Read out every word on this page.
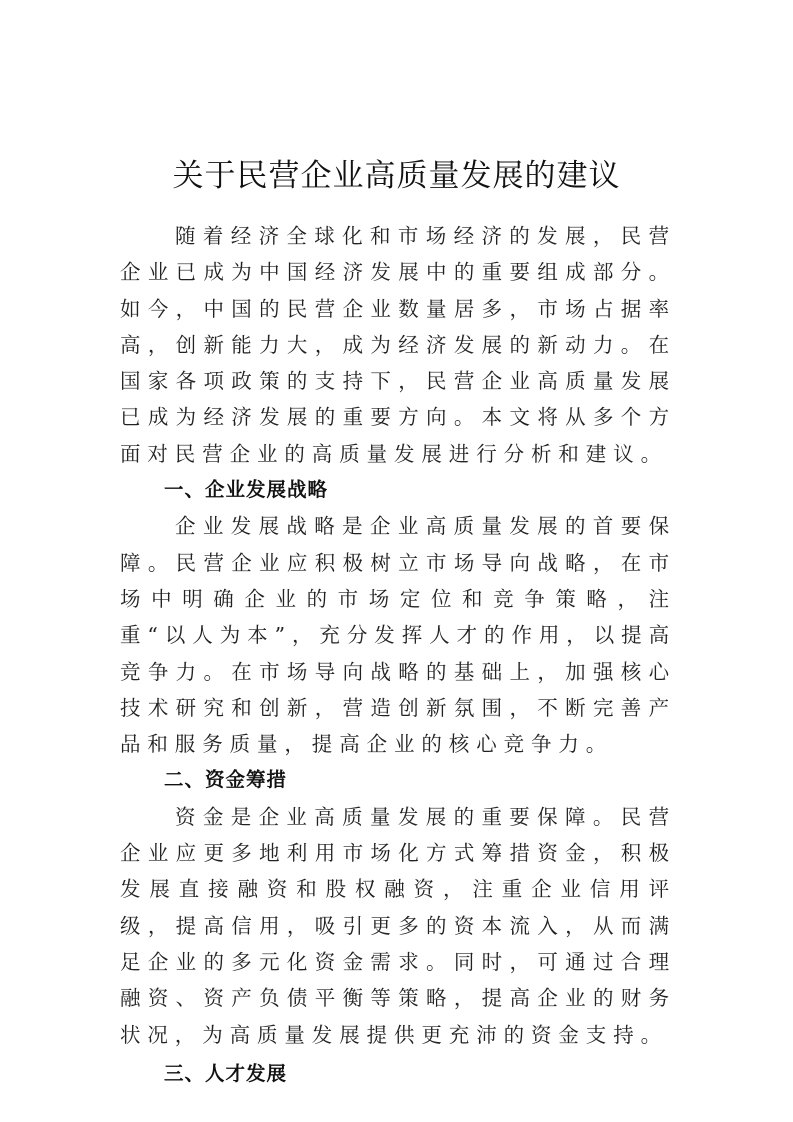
关于民营企业高质量发展的建议

随着经济全球化和市场经济的发展，民营企业已成为中国经济发展中的重要组成部分。如今，中国的民营企业数量居多，市场占据率高，创新能力大，成为经济发展的新动力。在国家各项政策的支持下，民营企业高质量发展已成为经济发展的重要方向。本文将从多个方面对民营企业的高质量发展进行分析和建议。

一、企业发展战略

企业发展战略是企业高质量发展的首要保障。民营企业应积极树立市场导向战略，在市场中明确企业的市场定位和竞争策略，注重“以人为本”，充分发挥人才的作用，以提高竞争力。在市场导向战略的基础上，加强核心技术研究和创新，营造创新氛围，不断完善产品和服务质量，提高企业的核心竞争力。

二、资金筹措

资金是企业高质量发展的重要保障。民营企业应更多地利用市场化方式筹措资金，积极发展直接融资和股权融资，注重企业信用评级，提高信用，吸引更多的资本流入，从而满足企业的多元化资金需求。同时，可通过合理融资、资产负债平衡等策略，提高企业的财务状况，为高质量发展提供更充沛的资金支持。

三、人才发展
